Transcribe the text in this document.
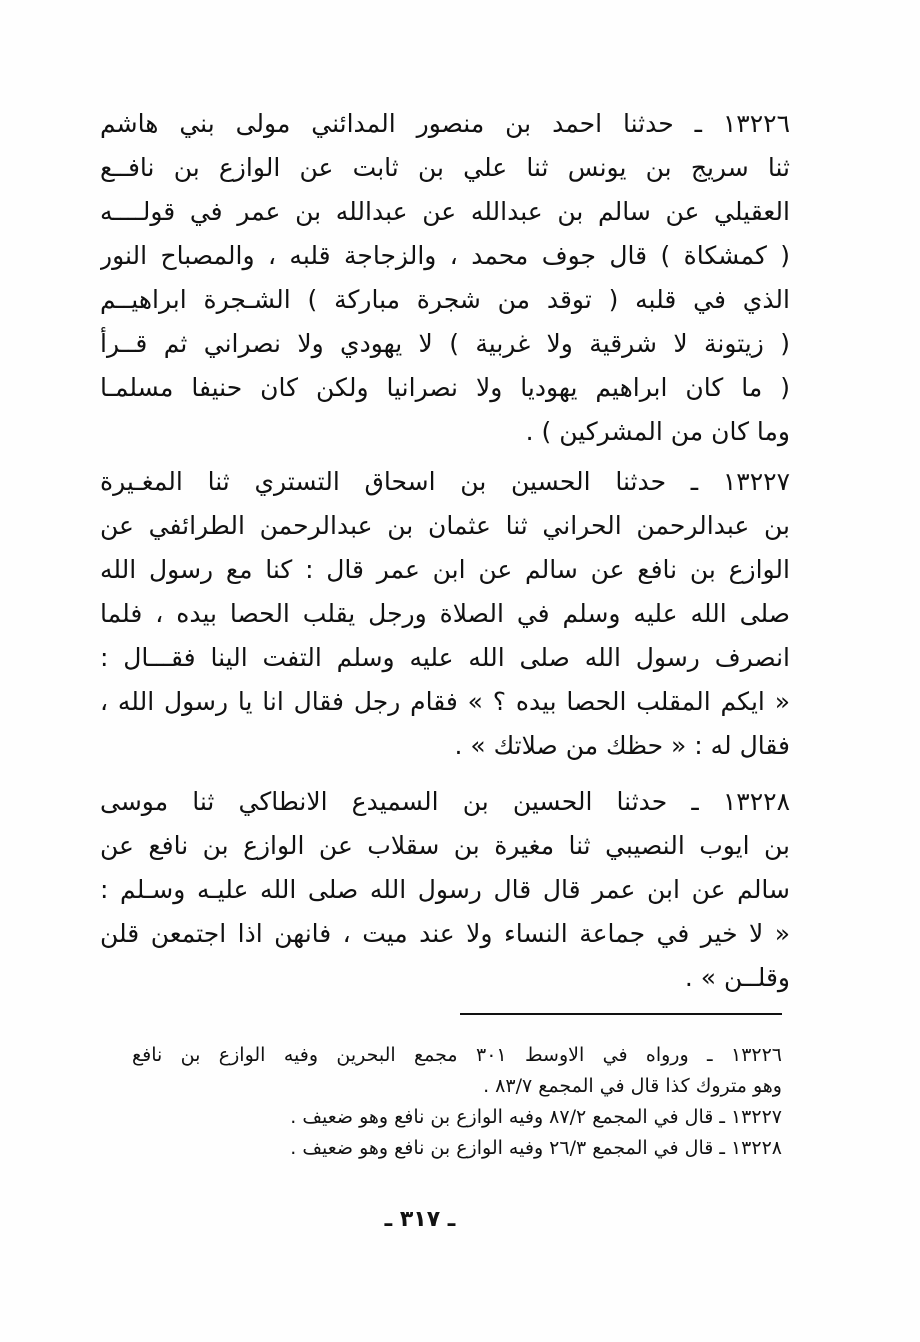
١٣٢٢٦ ـ حدثنا احمد بن منصور المدائني مولى بني هاشم
ثنا سريج بن يونس ثنا علي بن ثابت عن الوازع بن نافــع
العقيلي عن سالم بن عبدالله عن عبدالله بن عمر في قولــــه
( كمشكاة ) قال جوف محمد ، والزجاجة قلبه ، والمصباح النور
الذي في قلبه ( توقد من شجرة مباركة ) الشـجرة ابراهيــم
( زيتونة لا شرقية ولا غربية ) لا يهودي ولا نصراني ثم قــرأ
( ما كان ابراهيم يهوديا ولا نصرانيا ولكن كان حنيفا مسلمـا
وما كان من المشركين ) .
١٣٢٢٧ ـ حدثنا الحسين بن اسحاق التستري ثنا المغـيرة
بن عبدالرحمن الحراني ثنا عثمان بن عبدالرحمن الطرائفي عن
الوازع بن نافع عن سالم عن ابن عمر قال : كنا مع رسول الله
صلى الله عليه وسلم في الصلاة ورجل يقلب الحصا بيده ، فلما
انصرف رسول الله صلى الله عليه وسلم التفت الينا فقـــال :
« ايكم المقلب الحصا بيده ؟ » فقام رجل فقال انا يا رسول الله ،
فقال له : « حظك من صلاتك » .
١٣٢٢٨ ـ حدثنا الحسين بن السميدع الانطاكي ثنا موسى
بن ايوب النصيبي ثنا مغيرة بن سقلاب عن الوازع بن نافع عن
سالم عن ابن عمر قال قال رسول الله صلى الله عليـه وسـلم :
« لا خير في جماعة النساء ولا عند ميت ، فانهن اذا اجتمعن قلن
وقلــن » .
١٣٢٢٦ ـ ورواه في الاوسط ٣٠١ مجمع البحرين وفيه الوازع بن نافع
وهو متروك كذا قال في المجمع ٨٣/٧ .
١٣٢٢٧ ـ قال في المجمع ٨٧/٢ وفيه الوازع بن نافع وهو ضعيف .
١٣٢٢٨ ـ قال في المجمع ٢٦/٣ وفيه الوازع بن نافع وهو ضعيف .
ـ ٣١٧ ـ
